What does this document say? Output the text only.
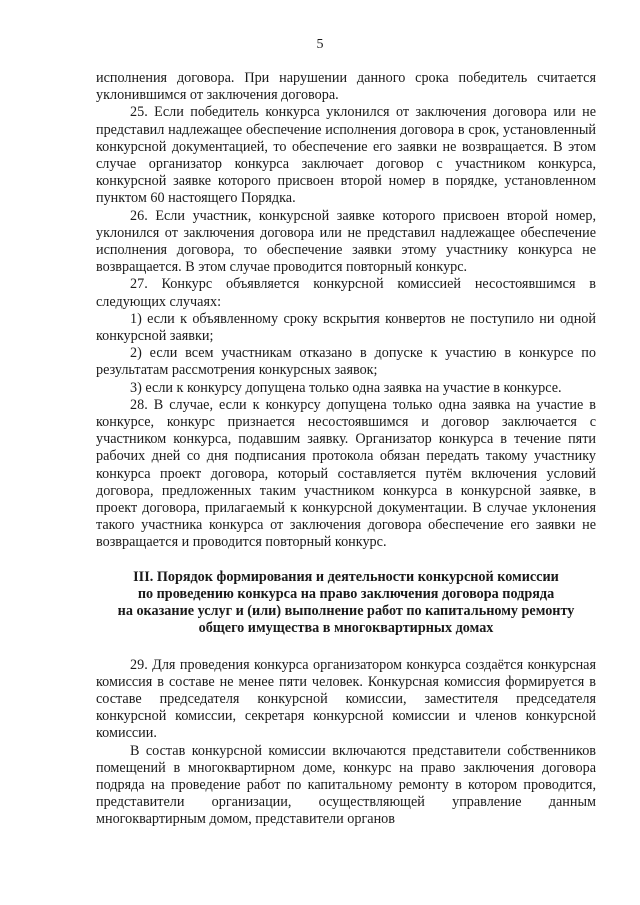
5

исполнения договора. При нарушении данного срока победитель считается уклонившимся от заключения договора.

25. Если победитель конкурса уклонился от заключения договора или не представил надлежащее обеспечение исполнения договора в срок, установленный конкурсной документацией, то обеспечение его заявки не возвращается. В этом случае организатор конкурса заключает договор с участником конкурса, конкурсной заявке которого присвоен второй номер в порядке, установленном пунктом 60 настоящего Порядка.

26. Если участник, конкурсной заявке которого присвоен второй номер, уклонился от заключения договора или не представил надлежащее обеспечение исполнения договора, то обеспечение заявки этому участнику конкурса не возвращается. В этом случае проводится повторный конкурс.

27. Конкурс объявляется конкурсной комиссией несостоявшимся в следующих случаях:

1) если к объявленному сроку вскрытия конвертов не поступило ни одной конкурсной заявки;

2) если всем участникам отказано в допуске к участию в конкурсе по результатам рассмотрения конкурсных заявок;

3) если к конкурсу допущена только одна заявка на участие в конкурсе.

28. В случае, если к конкурсу допущена только одна заявка на участие в конкурсе, конкурс признается несостоявшимся и договор заключается с участником конкурса, подавшим заявку. Организатор конкурса в течение пяти рабочих дней со дня подписания протокола обязан передать такому участнику конкурса проект договора, который составляется путём включения условий договора, предложенных таким участником конкурса в конкурсной заявке, в проект договора, прилагаемый к конкурсной документации. В случае уклонения такого участника конкурса от заключения договора обеспечение его заявки не возвращается и проводится повторный конкурс.

III. Порядок формирования и деятельности конкурсной комиссии
по проведению конкурса на право заключения договора подряда
на оказание услуг и (или) выполнение работ по капитальному ремонту
общего имущества в многоквартирных домах

29. Для проведения конкурса организатором конкурса создаётся конкурсная комиссия в составе не менее пяти человек. Конкурсная комиссия формируется в составе председателя конкурсной комиссии, заместителя председателя конкурсной комиссии, секретаря конкурсной комиссии и членов конкурсной комиссии.

В состав конкурсной комиссии включаются представители собственников помещений в многоквартирном доме, конкурс на право заключения договора подряда на проведение работ по капитальному ремонту в котором проводится, представители организации, осуществляющей управление данным многоквартирным домом, представители органов
